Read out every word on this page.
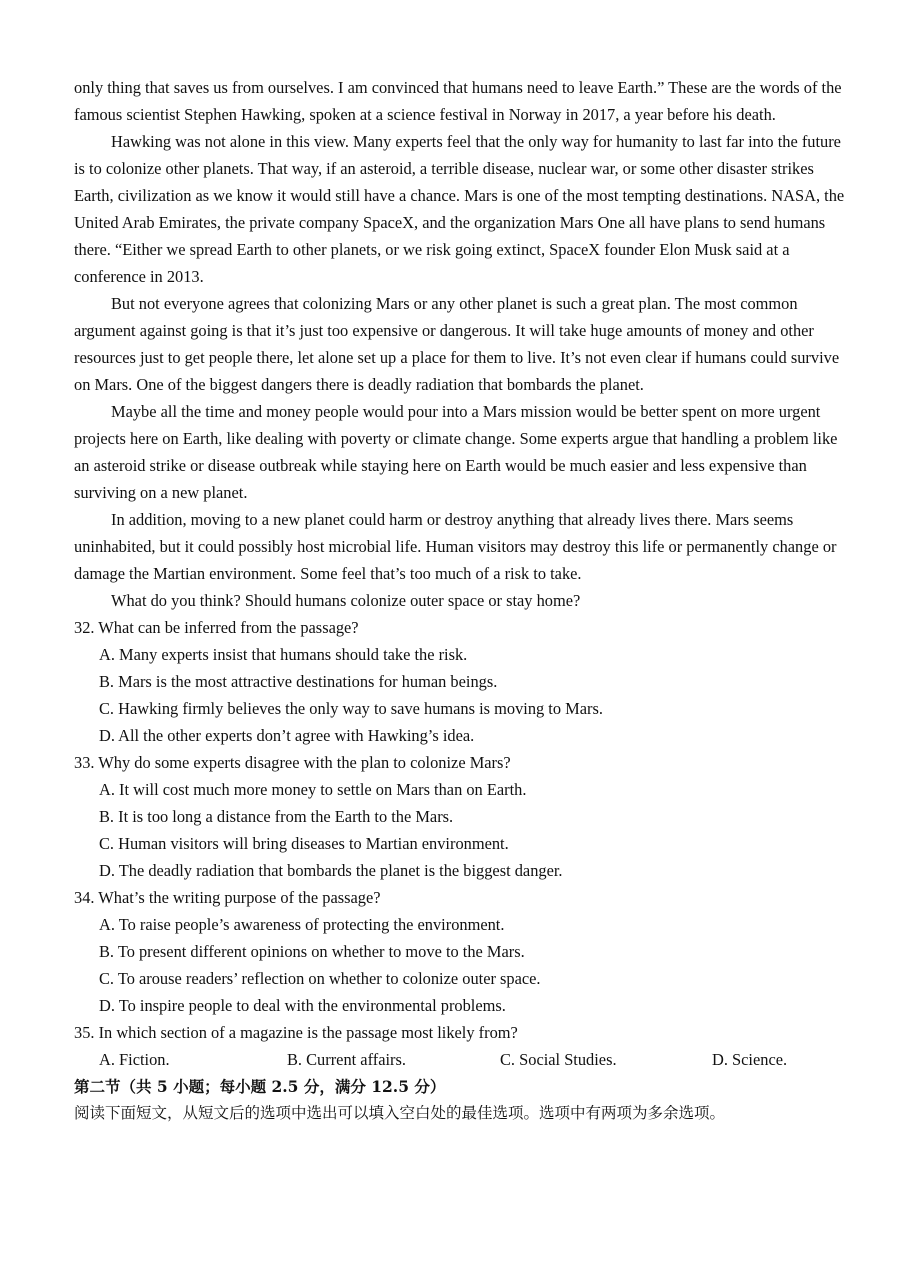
only thing that saves us from ourselves. I am convinced that humans need to leave Earth.” These are the words of the famous scientist Stephen Hawking, spoken at a science festival in Norway in 2017, a year before his death.

Hawking was not alone in this view. Many experts feel that the only way for humanity to last far into the future is to colonize other planets. That way, if an asteroid, a terrible disease, nuclear war, or some other disaster strikes Earth, civilization as we know it would still have a chance. Mars is one of the most tempting destinations. NASA, the United Arab Emirates, the private company SpaceX, and the organization Mars One all have plans to send humans there. “Either we spread Earth to other planets, or we risk going extinct, SpaceX founder Elon Musk said at a conference in 2013.

But not everyone agrees that colonizing Mars or any other planet is such a great plan. The most common argument against going is that it’s just too expensive or dangerous. It will take huge amounts of money and other resources just to get people there, let alone set up a place for them to live. It’s not even clear if humans could survive on Mars. One of the biggest dangers there is deadly radiation that bombards the planet.

Maybe all the time and money people would pour into a Mars mission would be better spent on more urgent projects here on Earth, like dealing with poverty or climate change. Some experts argue that handling a problem like an asteroid strike or disease outbreak while staying here on Earth would be much easier and less expensive than surviving on a new planet.

In addition, moving to a new planet could harm or destroy anything that already lives there. Mars seems uninhabited, but it could possibly host microbial life. Human visitors may destroy this life or permanently change or damage the Martian environment. Some feel that’s too much of a risk to take.

What do you think? Should humans colonize outer space or stay home?

32. What can be inferred from the passage?

A. Many experts insist that humans should take the risk.

B. Mars is the most attractive destinations for human beings.

C. Hawking firmly believes the only way to save humans is moving to Mars.

D. All the other experts don’t agree with Hawking’s idea.

33. Why do some experts disagree with the plan to colonize Mars?

A. It will cost much more money to settle on Mars than on Earth.

B. It is too long a distance from the Earth to the Mars.

C. Human visitors will bring diseases to Martian environment.

D. The deadly radiation that bombards the planet is the biggest danger.

34. What’s the writing purpose of the passage?

A. To raise people’s awareness of protecting the environment.

B. To present different opinions on whether to move to the Mars.

C. To arouse readers’ reflection on whether to colonize outer space.

D. To inspire people to deal with the environmental problems.

35. In which section of a magazine is the passage most likely from?

A. Fiction.	B. Current affairs.	C. Social Studies.	D. Science.

第二节（共 5 小题；每小题 2.5 分，满分 12.5 分）

阅读下面短文，从短文后的选项中选出可以填入空白处的最佳选项。选项中有两项为多余选项。
